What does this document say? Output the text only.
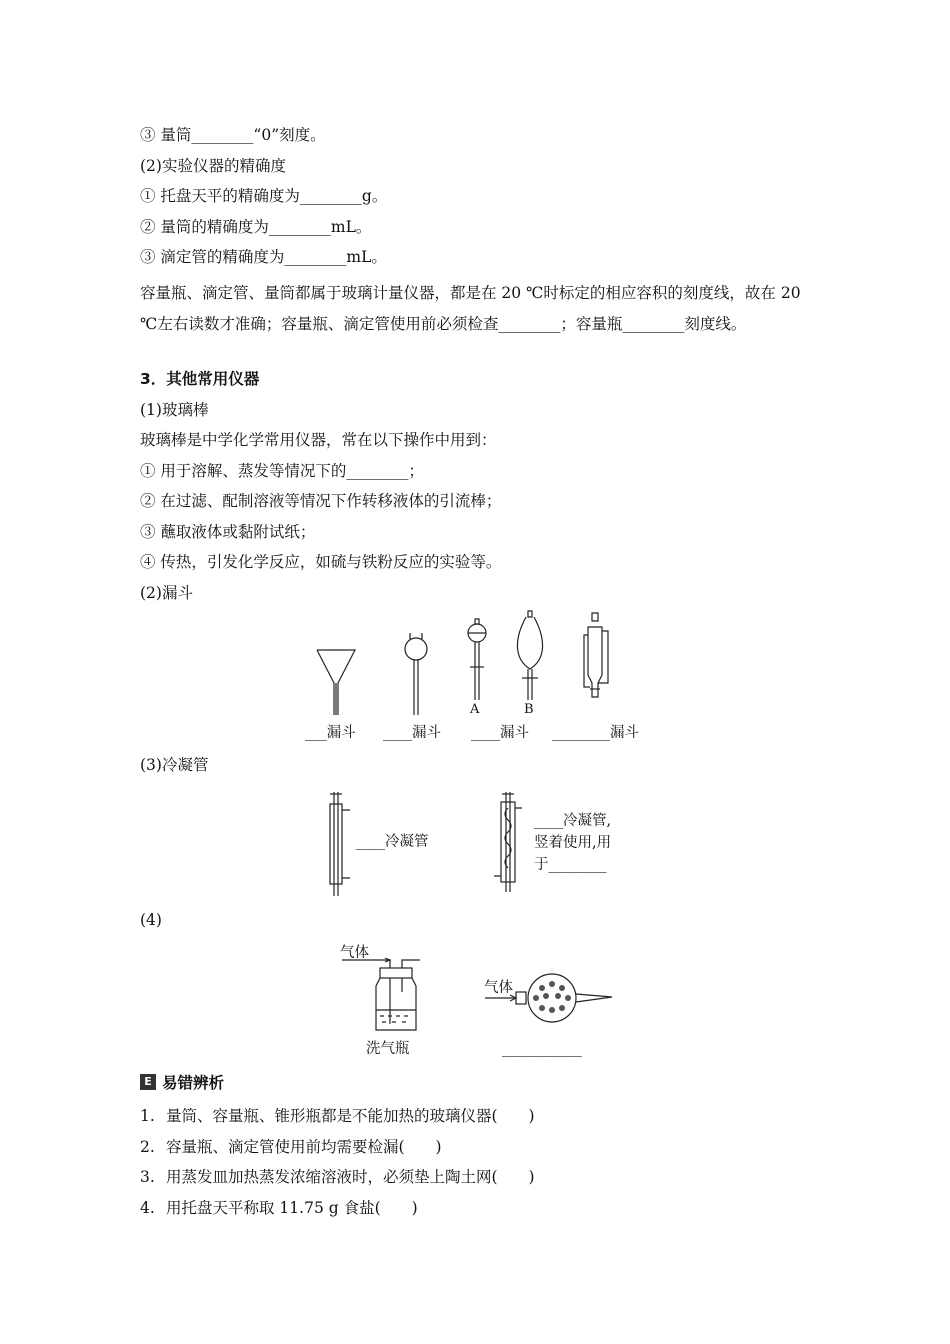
③ 量筒________“0”刻度。
(2)实验仪器的精确度
① 托盘天平的精确度为________g。
② 量筒的精确度为________mL。
③ 滴定管的精确度为________mL。
容量瓶、滴定管、量筒都属于玻璃计量仪器，都是在 20 ℃时标定的相应容积的刻度线，故在 20 ℃左右读数才准确；容量瓶、滴定管使用前必须检查________；容量瓶________刻度线。
3．其他常用仪器
(1)玻璃棒
玻璃棒是中学化学常用仪器，常在以下操作中用到：
① 用于溶解、蒸发等情况下的________；
② 在过滤、配制溶液等情况下作转移液体的引流棒；
③ 蘸取液体或黏附试纸；
④ 传热，引发化学反应，如硫与铁粉反应的实验等。
(2)漏斗
A	B
___漏斗 ____漏斗 ____漏斗 ________漏斗
(3)冷凝管
____冷凝管
____冷凝管,
竖着使用,用
于________
(4)
气体
洗气瓶
气体
___________
E 易错辨析
1. 量筒、容量瓶、锥形瓶都是不能加热的玻璃仪器(　　)
2. 容量瓶、滴定管使用前均需要检漏(　　)
3. 用蒸发皿加热蒸发浓缩溶液时，必须垫上陶土网(　　)
4. 用托盘天平称取 11.75 g 食盐(　　)
